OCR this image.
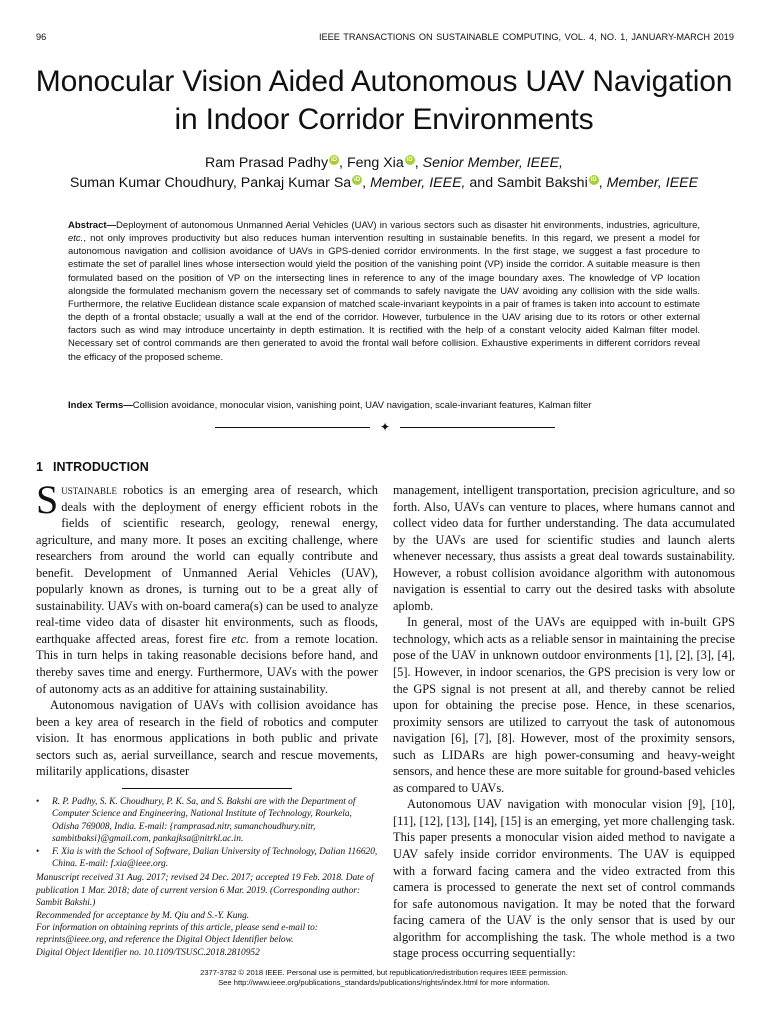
96	IEEE TRANSACTIONS ON SUSTAINABLE COMPUTING, VOL. 4, NO. 1, JANUARY-MARCH 2019
Monocular Vision Aided Autonomous UAV Navigation in Indoor Corridor Environments
Ram Prasad Padhy iD , Feng Xia iD , Senior Member, IEEE,
Suman Kumar Choudhury, Pankaj Kumar Sa iD , Member, IEEE, and Sambit Bakshi iD , Member, IEEE

Abstract—Deployment of autonomous Unmanned Aerial Vehicles (UAV) in various sectors such as disaster hit environments, industries, agriculture, etc., not only improves productivity but also reduces human intervention resulting in sustainable benefits. In this regard, we present a model for autonomous navigation and collision avoidance of UAVs in GPS-denied corridor environments. In the first stage, we suggest a fast procedure to estimate the set of parallel lines whose intersection would yield the position of the vanishing point (VP) inside the corridor. A suitable measure is then formulated based on the position of VP on the intersecting lines in reference to any of the image boundary axes. The knowledge of VP location alongside the formulated mechanism govern the necessary set of commands to safely navigate the UAV avoiding any collision with the side walls. Furthermore, the relative Euclidean distance scale expansion of matched scale-invariant keypoints in a pair of frames is taken into account to estimate the depth of a frontal obstacle; usually a wall at the end of the corridor. However, turbulence in the UAV arising due to its rotors or other external factors such as wind may introduce uncertainty in depth estimation. It is rectified with the help of a constant velocity aided Kalman filter model. Necessary set of control commands are then generated to avoid the frontal wall before collision. Exhaustive experiments in different corridors reveal the efficacy of the proposed scheme.

Index Terms—Collision avoidance, monocular vision, vanishing point, UAV navigation, scale-invariant features, Kalman filter

✦
1 INTRODUCTION

Sustainable robotics is an emerging area of research, which deals with the deployment of energy efficient robots in the fields of scientific research, geology, renewal energy, agriculture, and many more. It poses an exciting challenge, where researchers from around the world can equally contribute and benefit. Development of Unmanned Aerial Vehicles (UAV), popularly known as drones, is turning out to be a great ally of sustainability. UAVs with on-board camera(s) can be used to analyze real-time video data of disaster hit environments, such as floods, earthquake affected areas, forest fire etc. from a remote location. This in turn helps in taking reasonable decisions before hand, and thereby saves time and energy. Furthermore, UAVs with the power of autonomy acts as an additive for attaining sustainability.

Autonomous navigation of UAVs with collision avoidance has been a key area of research in the field of robotics and computer vision. It has enormous applications in both public and private sectors such as, aerial surveillance, search and rescue movements, militarily applications, disaster

• R. P. Padhy, S. K. Choudhury, P. K. Sa, and S. Bakshi are with the Department of Computer Science and Engineering, National Institute of Technology, Rourkela, Odisha 769008, India. E-mail: {ramprasad.nitr, sumanchoudhury.nitr, sambitbaksi}@gmail.com, pankajksa@nitrkl.ac.in.
• F. Xia is with the School of Software, Dalian University of Technology, Dalian 116620, China. E-mail: f.xia@ieee.org.
Manuscript received 31 Aug. 2017; revised 24 Dec. 2017; accepted 19 Feb. 2018. Date of publication 1 Mar. 2018; date of current version 6 Mar. 2019. (Corresponding author: Sambit Bakshi.)
Recommended for acceptance by M. Qiu and S.-Y. Kung.
For information on obtaining reprints of this article, please send e-mail to: reprints@ieee.org, and reference the Digital Object Identifier below.
Digital Object Identifier no. 10.1109/TSUSC.2018.2810952

management, intelligent transportation, precision agriculture, and so forth. Also, UAVs can venture to places, where humans cannot and collect video data for further understanding. The data accumulated by the UAVs are used for scientific studies and launch alerts whenever necessary, thus assists a great deal towards sustainability. However, a robust collision avoidance algorithm with autonomous navigation is essential to carry out the desired tasks with absolute aplomb.

In general, most of the UAVs are equipped with in-built GPS technology, which acts as a reliable sensor in maintaining the precise pose of the UAV in unknown outdoor environments [1], [2], [3], [4], [5]. However, in indoor scenarios, the GPS precision is very low or the GPS signal is not present at all, and thereby cannot be relied upon for obtaining the precise pose. Hence, in these scenarios, proximity sensors are utilized to carryout the task of autonomous navigation [6], [7], [8]. However, most of the proximity sensors, such as LIDARs are high power-consuming and heavy-weight sensors, and hence these are more suitable for ground-based vehicles as compared to UAVs.

Autonomous UAV navigation with monocular vision [9], [10], [11], [12], [13], [14], [15] is an emerging, yet more challenging task. This paper presents a monocular vision aided method to navigate a UAV safely inside corridor environments. The UAV is equipped with a forward facing camera and the video extracted from this camera is processed to generate the next set of control commands for safe autonomous navigation. It may be noted that the forward facing camera of the UAV is the only sensor that is used by our algorithm for accomplishing the task. The whole method is a two stage process occurring sequentially:

2377-3782 © 2018 IEEE. Personal use is permitted, but republication/redistribution requires IEEE permission.
See http://www.ieee.org/publications_standards/publications/rights/index.html for more information.
